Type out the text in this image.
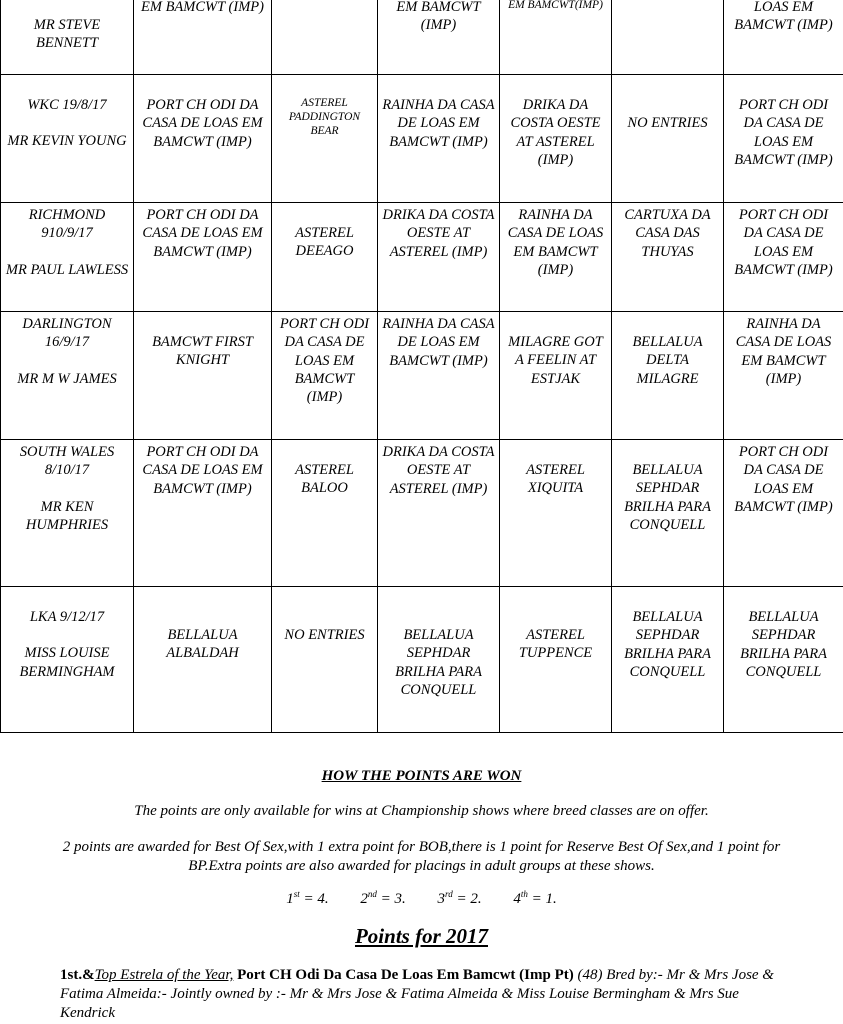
MR STEVE BENNETT	EM BAMCWT (IMP)		EM BAMCWT (IMP)	EM BAMCWT(IMP)		LOAS EM BAMCWT (IMP)

WKC 19/8/17
MR KEVIN YOUNG	PORT CH ODI DA CASA DE LOAS EM BAMCWT (IMP)	ASTEREL PADDINGTON BEAR	RAINHA DA CASA DE LOAS EM BAMCWT (IMP)	DRIKA DA COSTA OESTE AT ASTEREL (IMP)	NO ENTRIES	PORT CH ODI DA CASA DE LOAS EM BAMCWT (IMP)
RICHMOND 910/9/17
MR PAUL LAWLESS	PORT CH ODI DA CASA DE LOAS EM BAMCWT (IMP)	ASTEREL DEEAGO	DRIKA DA COSTA OESTE AT ASTEREL (IMP)	RAINHA DA CASA DE LOAS EM BAMCWT (IMP)	CARTUXA DA CASA DAS THUYAS	PORT CH ODI DA CASA DE LOAS EM BAMCWT (IMP)
DARLINGTON 16/9/17
MR M W JAMES	BAMCWT FIRST KNIGHT	PORT CH ODI DA CASA DE LOAS EM BAMCWT (IMP)	RAINHA DA CASA DE LOAS EM BAMCWT (IMP)	MILAGRE GOT A FEELIN AT ESTJAK	BELLALUA DELTA MILAGRE	RAINHA DA CASA DE LOAS EM BAMCWT (IMP)
SOUTH WALES 8/10/17
MR KEN HUMPHRIES	PORT CH ODI DA CASA DE LOAS EM BAMCWT (IMP)	ASTEREL BALOO	DRIKA DA COSTA OESTE AT ASTEREL (IMP)	ASTEREL XIQUITA	BELLALUA SEPHDAR BRILHA PARA CONQUELL	PORT CH ODI DA CASA DE LOAS EM BAMCWT (IMP)

LKA 9/12/17
MISS LOUISE BERMINGHAM	BELLALUA ALBALDAH	NO ENTRIES	BELLALUA SEPHDAR BRILHA PARA CONQUELL	ASTEREL TUPPENCE	BELLALUA SEPHDAR BRILHA PARA CONQUELL	BELLALUA SEPHDAR BRILHA PARA CONQUELL
HOW THE POINTS ARE WON
The points are only available for wins at Championship shows where breed classes are on offer.
2 points are awarded for Best Of Sex,with 1 extra point for BOB,there is 1 point for Reserve Best Of Sex,and 1 point for BP.Extra points are also awarded for placings in adult groups at these shows.
1st = 4. 2nd = 3. 3rd = 2. 4th = 1.
Points for 2017
1st.&Top Estrela of the Year, Port CH Odi Da Casa De Loas Em Bamcwt (Imp Pt) (48) Bred by:- Mr & Mrs Jose & Fatima Almeida:- Jointly owned by :- Mr & Mrs Jose & Fatima Almeida & Miss Louise Bermingham & Mrs Sue Kendrick
